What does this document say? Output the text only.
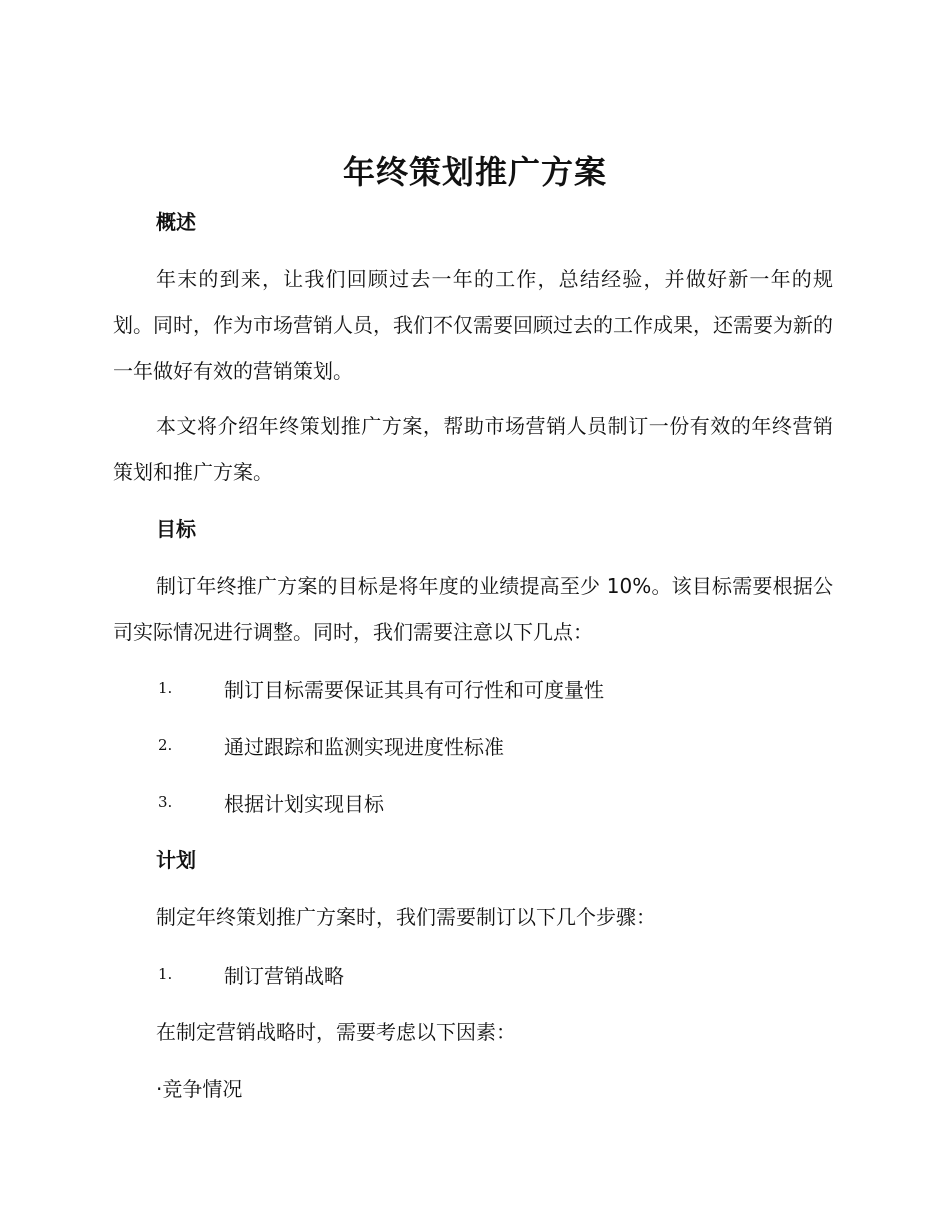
年终策划推广方案
概述

年末的到来，让我们回顾过去一年的工作，总结经验，并做好新一年的规划。同时，作为市场营销人员，我们不仅需要回顾过去的工作成果，还需要为新的一年做好有效的营销策划。

本文将介绍年终策划推广方案，帮助市场营销人员制订一份有效的年终营销策划和推广方案。

目标

制订年终推广方案的目标是将年度的业绩提高至少 10%。该目标需要根据公司实际情况进行调整。同时，我们需要注意以下几点：

1.	制订目标需要保证其具有可行性和可度量性
2.	通过跟踪和监测实现进度性标准
3.	根据计划实现目标
计划

制定年终策划推广方案时，我们需要制订以下几个步骤：

1.	制订营销战略

在制定营销战略时，需要考虑以下因素：

·竞争情况
